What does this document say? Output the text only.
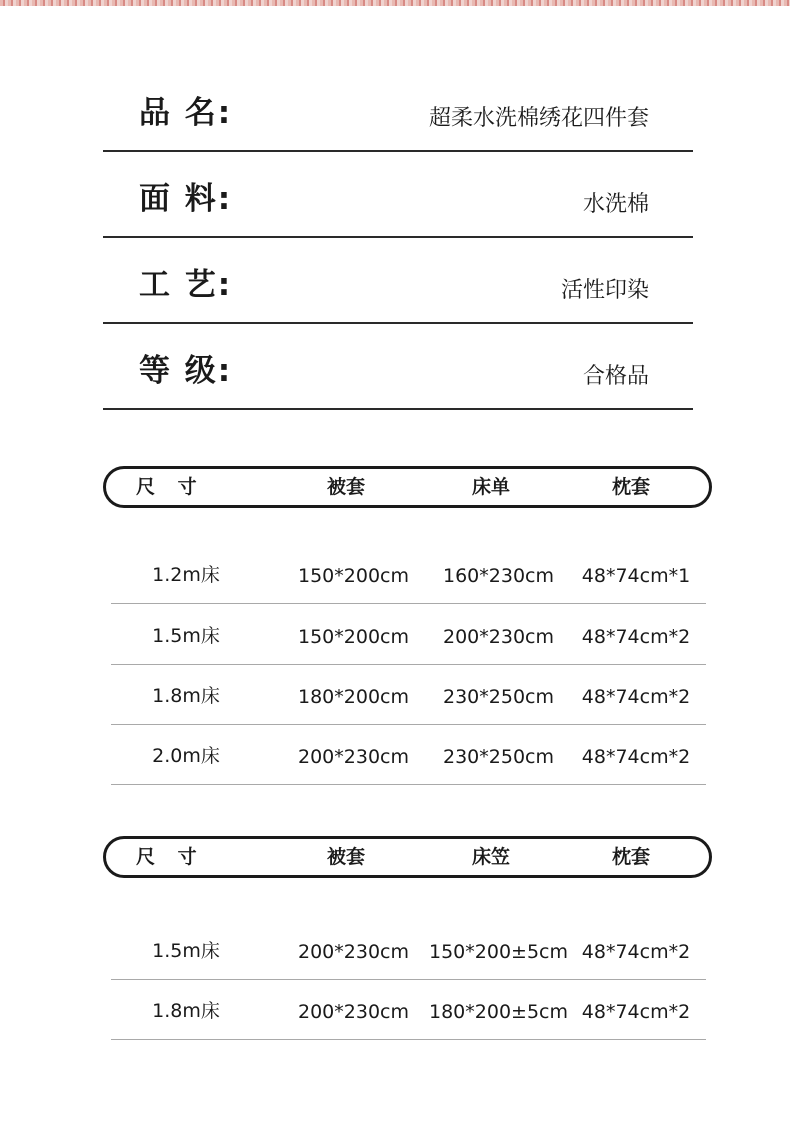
品 名:	超柔水洗棉绣花四件套
面 料:	水洗棉
工 艺:	活性印染
等 级:	合格品
尺 寸	被套	床单	枕套
1.2m床	150*200cm	160*230cm	48*74cm*1
1.5m床	150*200cm	200*230cm	48*74cm*2
1.8m床	180*200cm	230*250cm	48*74cm*2
2.0m床	200*230cm	230*250cm	48*74cm*2
尺 寸	被套	床笠	枕套
1.5m床	200*230cm	150*200±5cm 48*74cm*2
1.8m床	200*230cm	180*200±5cm 48*74cm*2
